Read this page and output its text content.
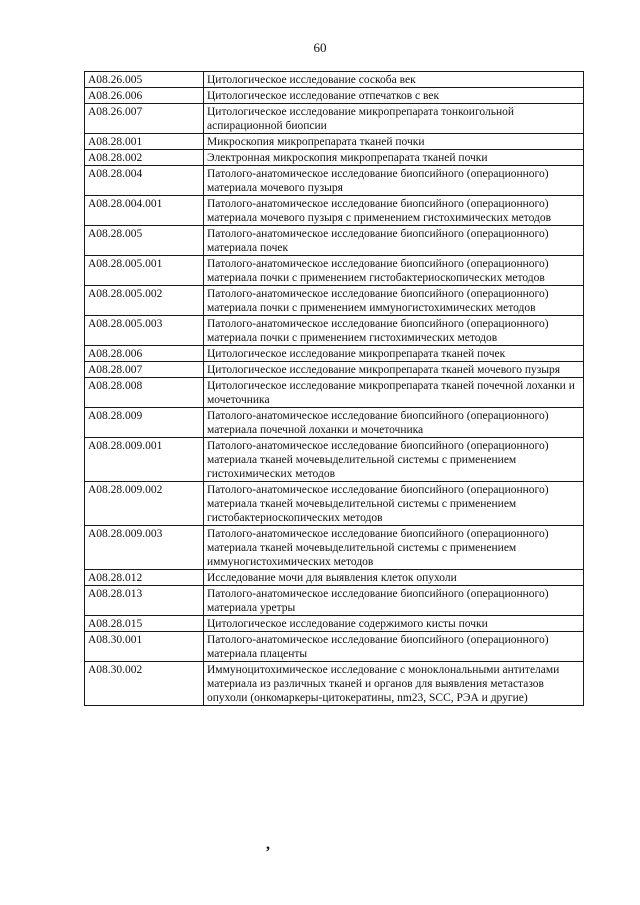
60
A08.26.005	Цитологическое исследование соскоба век
A08.26.006	Цитологическое исследование отпечатков с век
A08.26.007	Цитологическое исследование микропрепарата тонкоигольной аспирационной биопсии
A08.28.001	Микроскопия микропрепарата тканей почки
A08.28.002	Электронная микроскопия микропрепарата тканей почки
A08.28.004	Патолого-анатомическое исследование биопсийного (операционного) материала мочевого пузыря
A08.28.004.001	Патолого-анатомическое исследование биопсийного (операционного) материала мочевого пузыря с применением гистохимических методов
A08.28.005	Патолого-анатомическое исследование биопсийного (операционного) материала почек
A08.28.005.001	Патолого-анатомическое исследование биопсийного (операционного) материала почки с применением гистобактериоскопических методов
A08.28.005.002	Патолого-анатомическое исследование биопсийного (операционного) материала почки с применением иммуногистохимических методов
A08.28.005.003	Патолого-анатомическое исследование биопсийного (операционного) материала почки с применением гистохимических методов
A08.28.006	Цитологическое исследование микропрепарата тканей почек
A08.28.007	Цитологическое исследование микропрепарата тканей мочевого пузыря
A08.28.008	Цитологическое исследование микропрепарата тканей почечной лоханки и мочеточника
A08.28.009	Патолого-анатомическое исследование биопсийного (операционного) материала почечной лоханки и мочеточника
A08.28.009.001	Патолого-анатомическое исследование биопсийного (операционного) материала тканей мочевыделительной системы с применением гистохимических методов
A08.28.009.002	Патолого-анатомическое исследование биопсийного (операционного) материала тканей мочевыделительной системы с применением гистобактериоскопических методов
A08.28.009.003	Патолого-анатомическое исследование биопсийного (операционного) материала тканей мочевыделительной системы с применением иммуногистохимических методов
A08.28.012	Исследование мочи для выявления клеток опухоли
A08.28.013	Патолого-анатомическое исследование биопсийного (операционного) материала уретры
A08.28.015	Цитологическое исследование содержимого кисты почки
A08.30.001	Патолого-анатомическое исследование биопсийного (операционного) материала плаценты
A08.30.002	Иммуноцитохимическое исследование с моноклональными антителами материала из различных тканей и органов для выявления метастазов опухоли (онкомаркеры-цитокератины, nm23, SCC, РЭА и другие)
,
